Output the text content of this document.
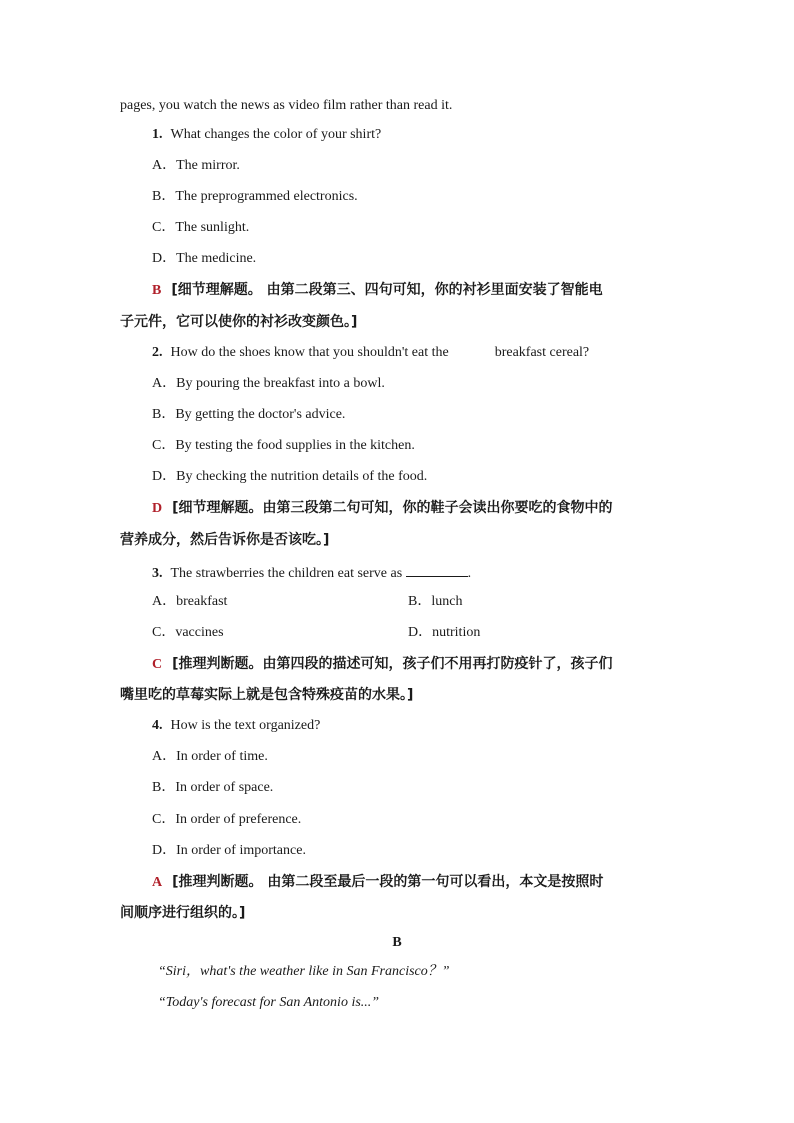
pages, you watch the news as video film rather than read it.
1. What changes the color of your shirt?
A．The mirror.
B．The preprogrammed electronics.
C．The sunlight.
D．The medicine.
B [细节理解题。 由第二段第三、四句可知，你的衬衫里面安装了智能电
子元件，它可以使你的衬衫改变颜色。]
2. How do the shoes know that you shouldn't eat the	breakfast cereal?
A．By pouring the breakfast into a bowl.
B．By getting the doctor's advice.
C．By testing the food supplies in the kitchen.
D．By checking the nutrition details of the food.
D [细节理解题。由第三段第二句可知，你的鞋子会读出你要吃的食物中的
营养成分，然后告诉你是否该吃。]
3. The strawberries the children eat serve as	.
A．breakfast	B．lunch
C．vaccines	D．nutrition
C [推理判断题。由第四段的描述可知，孩子们不用再打防疫针了，孩子们
嘴里吃的草莓实际上就是包含特殊疫苗的水果。]
4. How is the text organized?
A．In order of time.
B．In order of space.
C．In order of preference.
D．In order of importance.
A [推理判断题。 由第二段至最后一段的第一句可以看出，本文是按照时
间顺序进行组织的。]
B
“Siri，what's the weather like in San Francisco？”
“Today's forecast for San Antonio is...”
